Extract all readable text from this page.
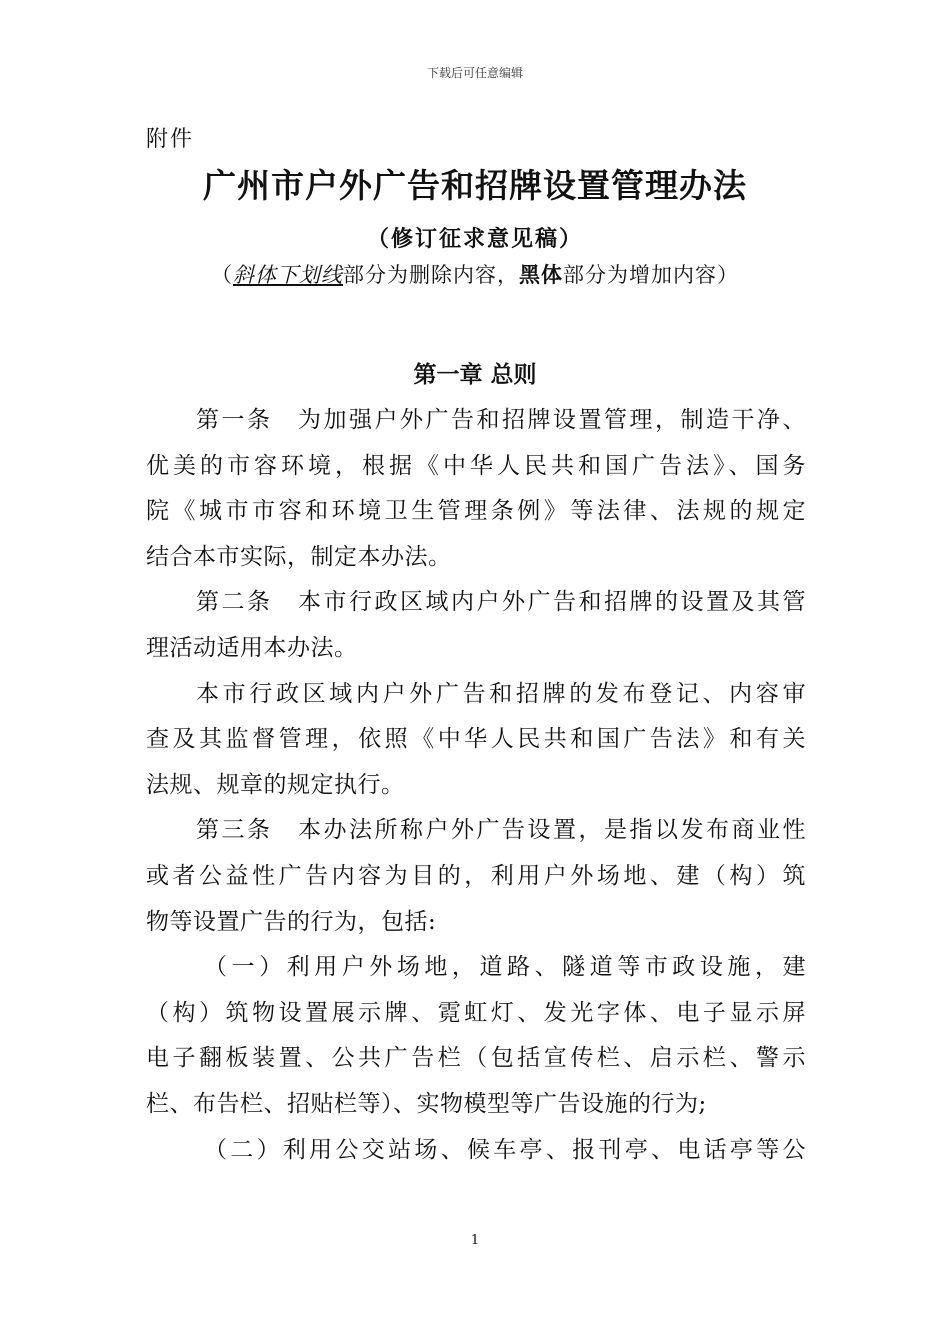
下载后可任意编辑
附件
广州市户外广告和招牌设置管理办法
（修订征求意见稿）
（斜体下划线部分为删除内容，黑体部分为增加内容）
第一章 总则
第一条　为加强户外广告和招牌设置管理，制造干净、
优美的市容环境，根据《中华人民共和国广告法》、国务
院《城市市容和环境卫生管理条例》等法律、法规的规定
结合本市实际，制定本办法。
第二条　本市行政区域内户外广告和招牌的设置及其管
理活动适用本办法。
本市行政区域内户外广告和招牌的发布登记、内容审
查及其监督管理，依照《中华人民共和国广告法》和有关
法规、规章的规定执行。
第三条　本办法所称户外广告设置，是指以发布商业性
或者公益性广告内容为目的，利用户外场地、建（构）筑
物等设置广告的行为，包括:
（一）利用户外场地，道路、隧道等市政设施，建
（构）筑物设置展示牌、霓虹灯、发光字体、电子显示屏
电子翻板装置、公共广告栏（包括宣传栏、启示栏、警示
栏、布告栏、招贴栏等）、实物模型等广告设施的行为;
（二）利用公交站场、候车亭、报刊亭、电话亭等公
1
